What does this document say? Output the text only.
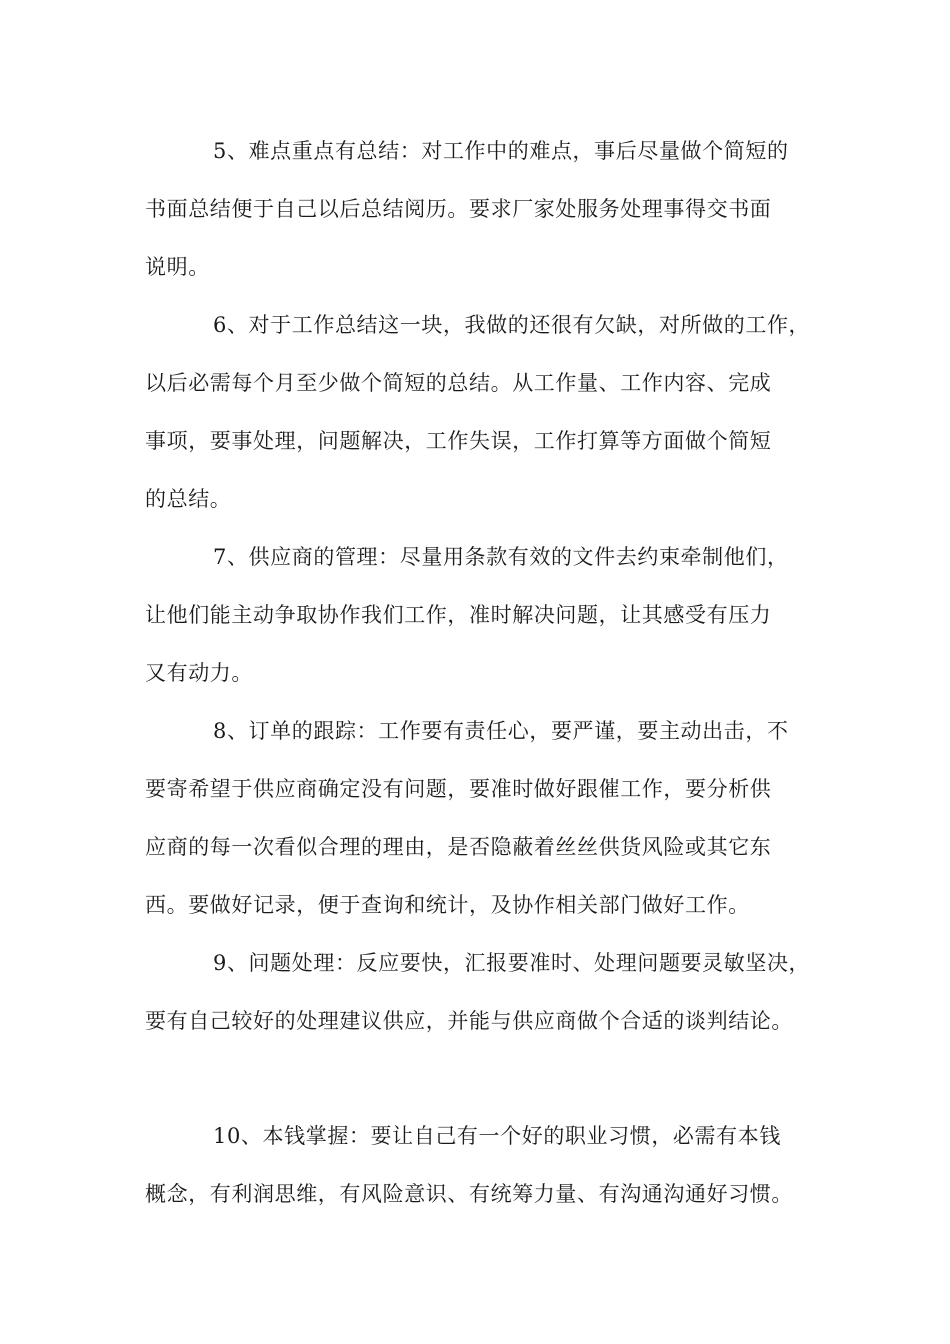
5、难点重点有总结：对工作中的难点，事后尽量做个简短的
书面总结便于自己以后总结阅历。要求厂家处服务处理事得交书面
说明。
6、对于工作总结这一块，我做的还很有欠缺，对所做的工作，
以后必需每个月至少做个简短的总结。从工作量、工作内容、完成
事项，要事处理，问题解决，工作失误，工作打算等方面做个简短
的总结。
7、供应商的管理：尽量用条款有效的文件去约束牵制他们，
让他们能主动争取协作我们工作，准时解决问题，让其感受有压力
又有动力。
8、订单的跟踪：工作要有责任心，要严谨，要主动出击，不
要寄希望于供应商确定没有问题，要准时做好跟催工作，要分析供
应商的每一次看似合理的理由，是否隐蔽着丝丝供货风险或其它东
西。要做好记录，便于查询和统计，及协作相关部门做好工作。
9、问题处理：反应要快，汇报要准时、处理问题要灵敏坚决，
要有自己较好的处理建议供应，并能与供应商做个合适的谈判结论。
10、本钱掌握：要让自己有一个好的职业习惯，必需有本钱
概念，有利润思维，有风险意识、有统筹力量、有沟通沟通好习惯。
